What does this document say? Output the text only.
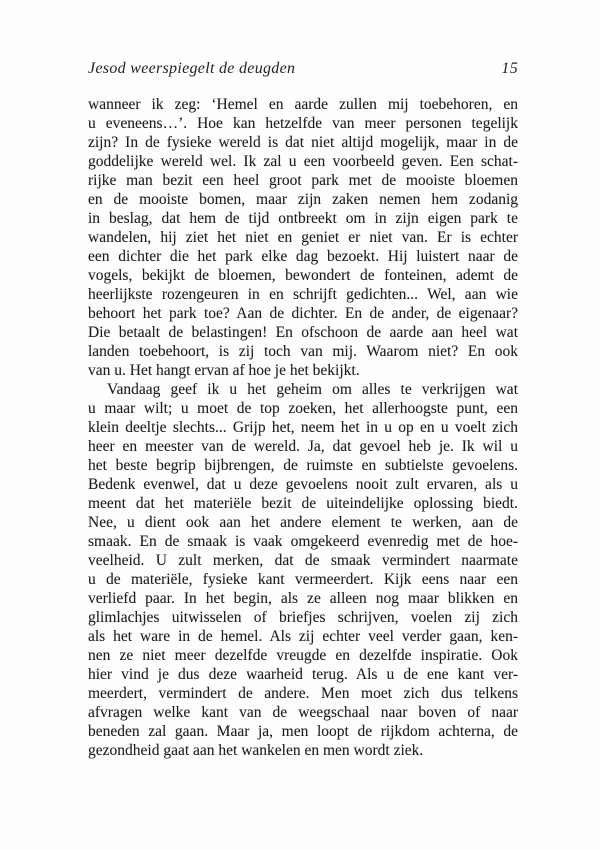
Jesod weerspiegelt de deugden	15
wanneer ik zeg: ‘Hemel en aarde zullen mij toebehoren, en
u eveneens…’. Hoe kan hetzelfde van meer personen tegelijk
zijn? In de fysieke wereld is dat niet altijd mogelijk, maar in de
goddelijke wereld wel. Ik zal u een voorbeeld geven. Een schat-
rijke man bezit een heel groot park met de mooiste bloemen
en de mooiste bomen, maar zijn zaken nemen hem zodanig
in beslag, dat hem de tijd ontbreekt om in zijn eigen park te
wandelen, hij ziet het niet en geniet er niet van. Er is echter
een dichter die het park elke dag bezoekt. Hij luistert naar de
vogels, bekijkt de bloemen, bewondert de fonteinen, ademt de
heerlijkste rozengeuren in en schrijft gedichten... Wel, aan wie
behoort het park toe? Aan de dichter. En de ander, de eigenaar?
Die betaalt de belastingen! En ofschoon de aarde aan heel wat
landen toebehoort, is zij toch van mij. Waarom niet? En ook
van u. Het hangt ervan af hoe je het bekijkt.
Vandaag geef ik u het geheim om alles te verkrijgen wat
u maar wilt; u moet de top zoeken, het allerhoogste punt, een
klein deeltje slechts... Grijp het, neem het in u op en u voelt zich
heer en meester van de wereld. Ja, dat gevoel heb je. Ik wil u
het beste begrip bijbrengen, de ruimste en subtielste gevoelens.
Bedenk evenwel, dat u deze gevoelens nooit zult ervaren, als u
meent dat het materiële bezit de uiteindelijke oplossing biedt.
Nee, u dient ook aan het andere element te werken, aan de
smaak. En de smaak is vaak omgekeerd evenredig met de hoe-
veelheid. U zult merken, dat de smaak vermindert naarmate
u de materiële, fysieke kant vermeerdert. Kijk eens naar een
verliefd paar. In het begin, als ze alleen nog maar blikken en
glimlachjes uitwisselen of briefjes schrijven, voelen zij zich
als het ware in de hemel. Als zij echter veel verder gaan, ken-
nen ze niet meer dezelfde vreugde en dezelfde inspiratie. Ook
hier vind je dus deze waarheid terug. Als u de ene kant ver-
meerdert, vermindert de andere. Men moet zich dus telkens
afvragen welke kant van de weegschaal naar boven of naar
beneden zal gaan. Maar ja, men loopt de rijkdom achterna, de
gezondheid gaat aan het wankelen en men wordt ziek.
